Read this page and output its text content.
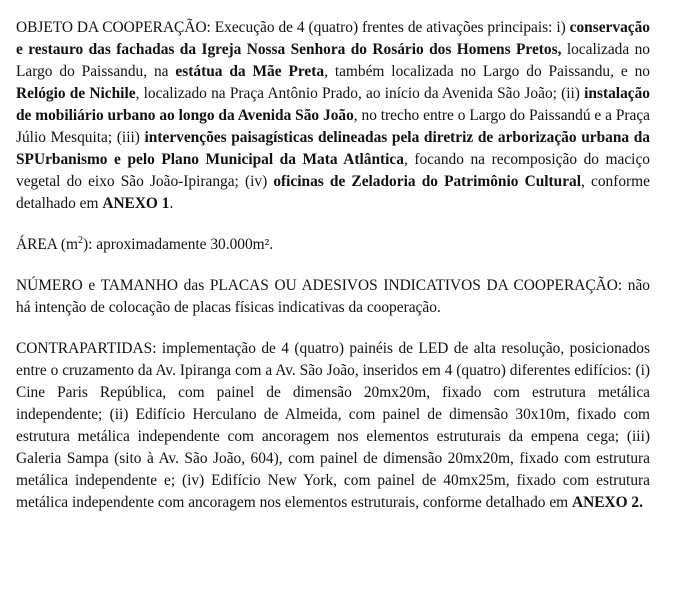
OBJETO DA COOPERAÇÃO: Execução de 4 (quatro) frentes de ativações principais: i) conservação e restauro das fachadas da Igreja Nossa Senhora do Rosário dos Homens Pretos, localizada no Largo do Paissandu, na estátua da Mãe Preta, também localizada no Largo do Paissandu, e no Relógio de Nichile, localizado na Praça Antônio Prado, ao início da Avenida São João; (ii) instalação de mobiliário urbano ao longo da Avenida São João, no trecho entre o Largo do Paissandú e a Praça Júlio Mesquita; (iii) intervenções paisagísticas delineadas pela diretriz de arborização urbana da SPUrbanismo e pelo Plano Municipal da Mata Atlântica, focando na recomposição do maciço vegetal do eixo São João-Ipiranga; (iv) oficinas de Zeladoria do Patrimônio Cultural, conforme detalhado em ANEXO 1.

ÁREA $(m^2)$: aproximadamente 30.000m².

NÚMERO e TAMANHO das PLACAS OU ADESIVOS INDICATIVOS DA COOPERAÇÃO: não há intenção de colocação de placas físicas indicativas da cooperação.

CONTRAPARTIDAS: implementação de 4 (quatro) painéis de LED de alta resolução, posicionados entre o cruzamento da Av. Ipiranga com a Av. São João, inseridos em 4 (quatro) diferentes edifícios: (i) Cine Paris República, com painel de dimensão 20mx20m, fixado com estrutura metálica independente; (ii) Edifício Herculano de Almeida, com painel de dimensão 30x10m, fixado com estrutura metálica independente com ancoragem nos elementos estruturais da empena cega; (iii) Galeria Sampa (sito à Av. São João, 604), com painel de dimensão 20mx20m, fixado com estrutura metálica independente e; (iv) Edifício New York, com painel de 40mx25m, fixado com estrutura metálica independente com ancoragem nos elementos estruturais, conforme detalhado em ANEXO 2.
